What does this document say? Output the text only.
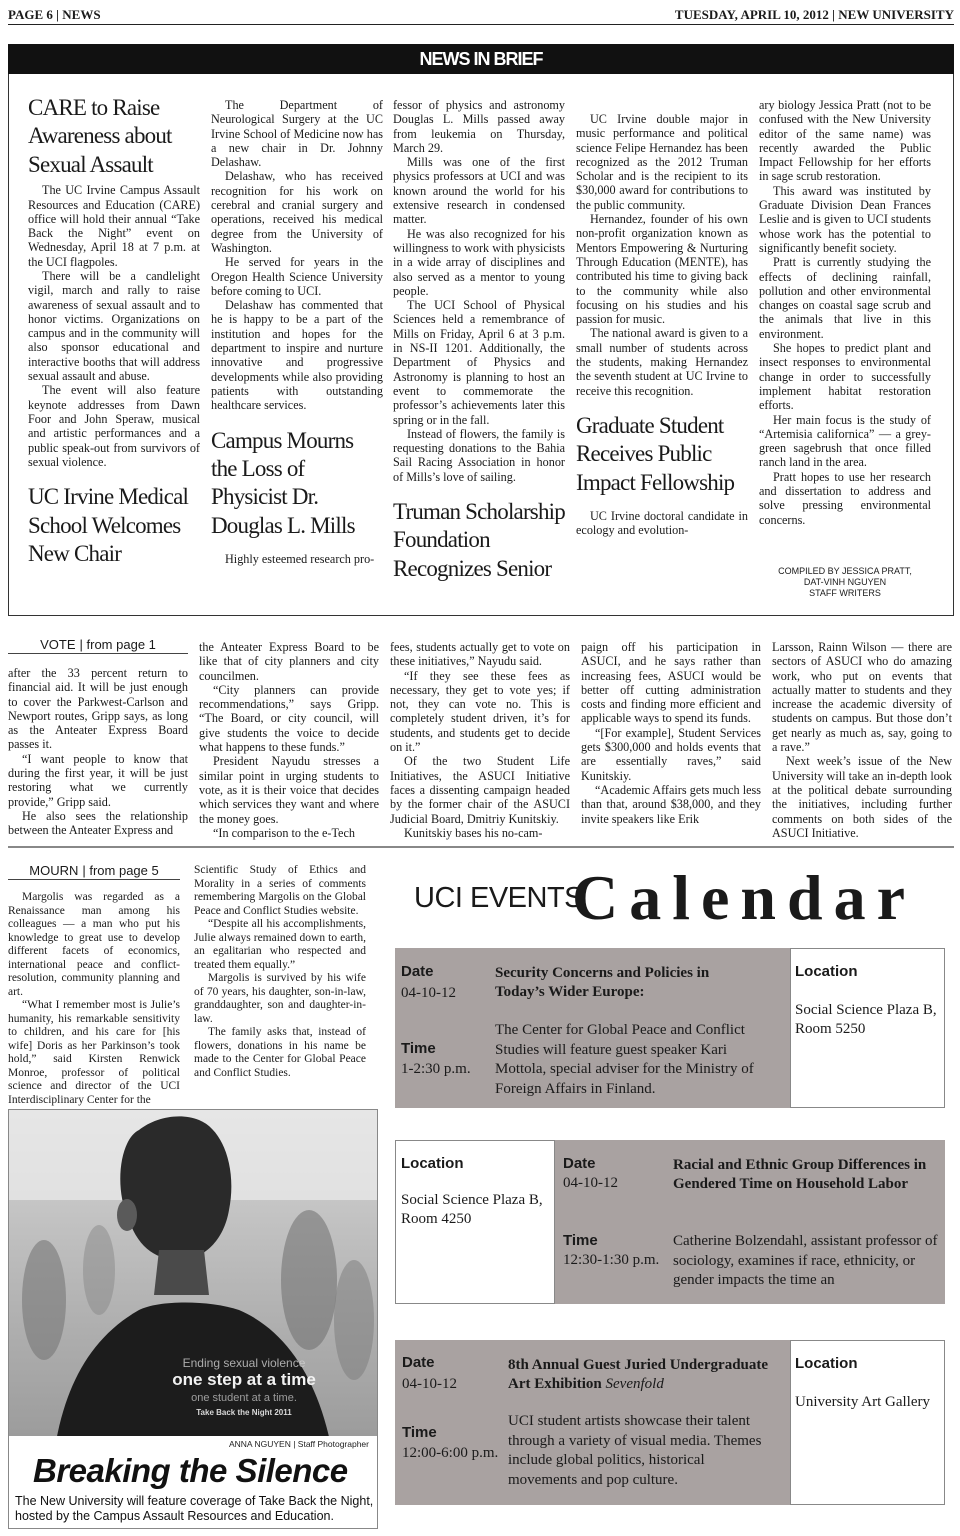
PAGE 6 | NEWS	TUESDAY, APRIL 10, 2012 | NEW UNIVERSITY
NEWS IN BRIEF
CARE to Raise Awareness about Sexual Assault

The UC Irvine Campus Assault Resources and Education (CARE) office will hold their annual “Take Back the Night” event on Wednesday, April 18 at 7 p.m. at the UCI flagpoles.

There will be a candlelight vigil, march and rally to raise awareness of sexual assault and to honor victims. Organizations on campus and in the community will also sponsor educational and interactive booths that will address sexual assault and abuse.

The event will also feature keynote addresses from Dawn Foor and John Speraw, musical and artistic performances and a public speak-out from survivors of sexual violence.

UC Irvine Medical School Welcomes New Chair

The Department of Neurological Surgery at the UC Irvine School of Medicine now has a new chair in Dr. Johnny Delashaw.

Delashaw, who has received recognition for his work on cerebral and cranial surgery and operations, received his medical degree from the University of Washington.

He served for years in the Oregon Health Science University before coming to UCI.

Delashaw has commented that he is happy to be a part of the institution and hopes for the department to inspire and nurture innovative and progressive developments while also providing patients with outstanding healthcare services.

Campus Mourns the Loss of Physicist Dr. Douglas L. Mills

Highly esteemed research pro-

fessor of physics and astronomy Douglas L. Mills passed away from leukemia on Thursday, March 29.

Mills was one of the first physics professors at UCI and was known around the world for his extensive research in condensed matter.

He was also recognized for his willingness to work with physicists in a wide array of disciplines and also served as a mentor to young people.

The UCI School of Physical Sciences held a remembrance of Mills on Friday, April 6 at 3 p.m. in NS-II 1201. Additionally, the Department of Physics and Astronomy is planning to host an event to commemorate the professor’s achievements later this spring or in the fall.

Instead of flowers, the family is requesting donations to the Bahia Sail Racing Association in honor of Mills’s love of sailing.

Truman Scholarship Foundation Recognizes Senior

UC Irvine double major in music performance and political science Felipe Hernandez has been recognized as the 2012 Truman Scholar and is the recipient to its $30,000 award for contributions to the public community.

Hernandez, founder of his own non-profit organization known as Mentors Empowering & Nurturing Through Education (MENTE), has contributed his time to giving back to the community while also focusing on his studies and his passion for music.

The national award is given to a small number of students across the students, making Hernandez the seventh student at UC Irvine to receive this recognition.

Graduate Student Receives Public Impact Fellowship

UC Irvine doctoral candidate in ecology and evolution-

ary biology Jessica Pratt (not to be confused with the New University editor of the same name) was recently awarded the Public Impact Fellowship for her efforts in sage scrub restoration.

This award was instituted by Graduate Division Dean Frances Leslie and is given to UCI students whose work has the potential to significantly benefit society.

Pratt is currently studying the effects of declining rainfall, pollution and other environmental changes on coastal sage scrub and the animals that live in this environment.

She hopes to predict plant and insect responses to environmental change in order to successfully implement habitat restoration efforts.

Her main focus is the study of “Artemisia californica” — a grey-green sagebrush that once filled ranch land in the area.

Pratt hopes to use her research and dissertation to address and solve pressing environmental concerns.

COMPILED BY JESSICA PRATT,
DAT-VINH NGUYEN
STAFF WRITERS
VOTE | from page 1

after the 33 percent return to financial aid. It will be just enough to cover the Parkwest-Carlson and Newport routes, Gripp says, as long as the Anteater Express Board passes it.

“I want people to know that during the first year, it will be just restoring what we currently provide,” Gripp said.

He also sees the relationship between the Anteater Express and

the Anteater Express Board to be like that of city planners and city councilmen.

“City planners can provide recommendations,” says Gripp. “The Board, or city council, will give students the voice to decide what happens to these funds.”

President Nayudu stresses a similar point in urging students to vote, as it is their voice that decides which services they want and where the money goes.

“In comparison to the e-Tech

fees, students actually get to vote on these initiatives,” Nayudu said.

“If they see these fees as necessary, they get to vote yes; if not, they can vote no. This is completely student driven, it’s for students, and students get to decide on it.”

Of the two Student Life Initiatives, the ASUCI Initiative faces a dissenting campaign headed by the former chair of the ASUCI Judicial Board, Dmitriy Kunitskiy.

Kunitskiy bases his no-cam-

paign off his participation in ASUCI, and he says rather than increasing fees, ASUCI would be better off cutting administration costs and finding more efficient and applicable ways to spend its funds.

“[For example], Student Services gets $300,000 and holds events that are essentially raves,” said Kunitskiy.

“Academic Affairs gets much less than that, around $38,000, and they invite speakers like Erik

Larsson, Rainn Wilson — there are sectors of ASUCI who do amazing work, who put on events that actually matter to students and they increase the academic diversity of students on campus. But those don’t get nearly as much as, say, going to a rave.”

Next week’s issue of the New University will take an in-depth look at the political debate surrounding the initiatives, including further comments on both sides of the ASUCI Initiative.

MOURN | from page 5

Margolis was regarded as a Renaissance man among his colleagues — a man who put his knowledge to great use to develop different facets of economics, international peace and conflict-resolution, community planning and art.

“What I remember most is Julie’s humanity, his remarkable sensitivity to children, and his care for [his wife] Doris as her Parkinson’s took hold,” said Kirsten Renwick Monroe, professor of political science and director of the UCI Interdisciplinary Center for the

Scientific Study of Ethics and Morality in a series of comments remembering Margolis on the Global Peace and Conflict Studies website.

“Despite all his accomplishments, Julie always remained down to earth, an egalitarian who respected and treated them equally.”

Margolis is survived by his wife of 70 years, his daughter, son-in-law, granddaughter, son and daughter-in-law.

The family asks that, instead of flowers, donations in his name be made to the Center for Global Peace and Conflict Studies.

Ending sexual violence
one step at a time
one student at a time.
Take Back the Night 2011
ANNA NGUYEN | Staff Photographer
Breaking the Silence
The New University will feature coverage of Take Back the Night, hosted by the Campus Assault Resources and Education.
UCI EVENTS
Calendar
Date
04-10-12
Time
1-2:30 p.m.
Security Concerns and Policies in Today’s Wider Europe:
The Center for Global Peace and Conflict Studies will feature guest speaker Kari Mottola, special adviser for the Ministry of Foreign Affairs in Finland.
Location
Social Science Plaza B, Room 5250
Location
Social Science Plaza B, Room 4250
Date
04-10-12
Time
12:30-1:30 p.m.
Racial and Ethnic Group Differences in Gendered Time on Household Labor
Catherine Bolzendahl, assistant professor of sociology, examines if race, ethnicity, or gender impacts the time an
Date
04-10-12
Time
12:00-6:00 p.m.
8th Annual Guest Juried Undergraduate Art Exhibition Sevenfold
UCI student artists showcase their talent through a variety of visual media. Themes include global politics, historical movements and pop culture.
Location
University Art Gallery
